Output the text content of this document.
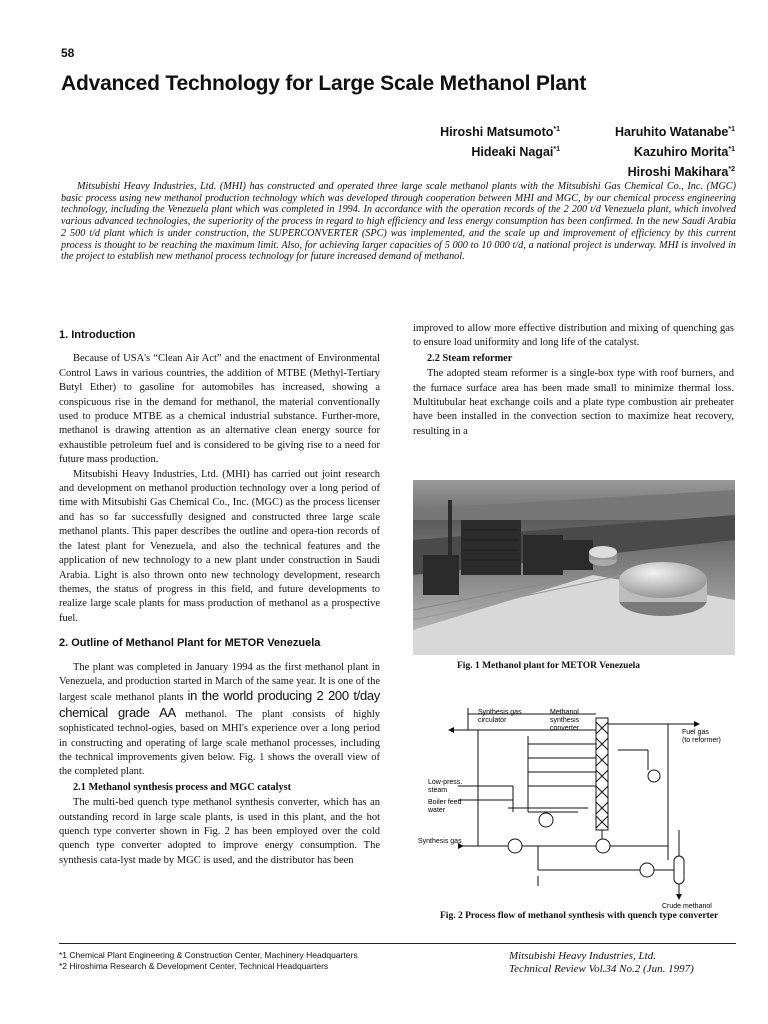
58
Advanced Technology for Large Scale Methanol Plant
Hiroshi Matsumoto$^{*1}$
Hideaki Nagai$^{*1}$
Haruhito Watanabe$^{*1}$
Kazuhiro Morita$^{*1}$
Hiroshi Makihara$^{*2}$

Mitsubishi Heavy Industries, Ltd. (MHI) has constructed and operated three large scale methanol plants with the Mitsubishi Gas Chemical Co., Inc. (MGC) basic process using new methanol production technology which was developed through cooperation between MHI and MGC, by our chemical process engineering technology, including the Venezuela plant which was completed in 1994. In accordance with the operation records of the 2 200 t/d Venezuela plant, which involved various advanced technologies, the superiority of the process in regard to high efficiency and less energy consumption has been confirmed. In the new Saudi Arabia 2 500 t/d plant which is under construction, the SUPERCONVERTER (SPC) was implemented, and the scale up and improvement of efficiency by this current process is thought to be reaching the maximum limit. Also, for achieving larger capacities of 5 000 to 10 000 t/d, a national project is underway. MHI is involved in the project to establish new methanol process technology for future increased demand of methanol.

1. Introduction

Because of USA's “Clean Air Act” and the enactment of Environmental Control Laws in various countries, the addition of MTBE (Methyl-Tertiary Butyl Ether) to gasoline for automobiles has increased, showing a conspicuous rise in the demand for methanol, the material conventionally used to produce MTBE as a chemical industrial substance. Further-more, methanol is drawing attention as an alternative clean energy source for exhaustible petroleum fuel and is considered to be giving rise to a need for future mass production.

Mitsubishi Heavy Industries, Ltd. (MHI) has carried out joint research and development on methanol production technology over a long period of time with Mitsubishi Gas Chemical Co., Inc. (MGC) as the process licenser and has so far successfully designed and constructed three large scale methanol plants. This paper describes the outline and opera-tion records of the latest plant for Venezuela, and also the technical features and the application of new technology to a new plant under construction in Saudi Arabia. Light is also thrown onto new technology development, research themes, the status of progress in this field, and future developments to realize large scale plants for mass production of methanol as a prospective fuel.

2. Outline of Methanol Plant for METOR Venezuela

The plant was completed in January 1994 as the first methanol plant in Venezuela, and production started in March of the same year. It is one of the largest scale methanol plants in the world producing 2 200 t/day chemical grade AA methanol. The plant consists of highly sophisticated technol-ogies, based on MHI's experience over a long period in constructing and operating of large scale methanol processes, including the technical improvements given below. Fig. 1 shows the overall view of the completed plant.

2.1 Methanol synthesis process and MGC catalyst

The multi-bed quench type methanol synthesis converter, which has an outstanding record in large scale plants, is used in this plant, and the hot quench type converter shown in Fig. 2 has been employed over the cold quench type converter adopted to improve energy consumption. The synthesis cata-lyst made by MGC is used, and the distributor has been

improved to allow more effective distribution and mixing of quenching gas to ensure load uniformity and long life of the catalyst.

2.2 Steam reformer

The adopted steam reformer is a single-box type with roof burners, and the furnace surface area has been made small to minimize thermal loss. Multitubular heat exchange coils and a plate type combustion air preheater have been installed in the convection section to maximize heat recovery, resulting in a

Fig. 1 Methanol plant for METOR Venezuela
Synthesis gas circulator
Methanol synthesis converter
Fuel gas (to reformer)
Low-press. steam
Boiler feed water
Synthesis gas
Crude methanol
Fig. 2 Process flow of methanol synthesis with quench type converter
*1 Chemical Plant Engineering & Construction Center, Machinery Headquarters
*2 Hiroshima Research & Development Center, Technical Headquarters
Mitsubishi Heavy Industries, Ltd.
Technical Review Vol.34 No.2 (Jun. 1997)
